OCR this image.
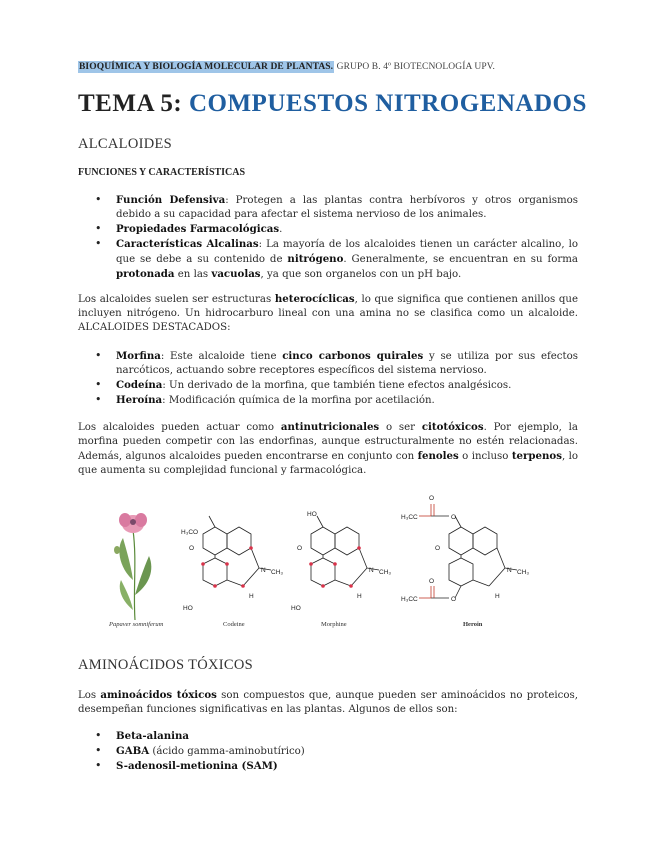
BIOQUÍMICA Y BIOLOGÍA MOLECULAR DE PLANTAS. GRUPO B. 4º BIOTECNOLOGÍA UPV.
TEMA 5: COMPUESTOS NITROGENADOS
ALCALOIDES
FUNCIONES Y CARACTERÍSTICAS
• Función Defensiva: Protegen a las plantas contra herbívoros y otros organismos debido a su capacidad para afectar el sistema nervioso de los animales.
• Propiedades Farmacológicas.
• Características Alcalinas: La mayoría de los alcaloides tienen un carácter alcalino, lo que se debe a su contenido de nitrógeno. Generalmente, se encuentran en su forma protonada en las vacuolas, ya que son organelos con un pH bajo.
Los alcaloides suelen ser estructuras heterocíclicas, lo que significa que contienen anillos que incluyen nitrógeno. Un hidrocarburo lineal con una amina no se clasifica como un alcaloide. ALCALOIDES DESTACADOS:
• Morfina: Este alcaloide tiene cinco carbonos quirales y se utiliza por sus efectos narcóticos, actuando sobre receptores específicos del sistema nervioso.
• Codeína: Un derivado de la morfina, que también tiene efectos analgésicos.
• Heroína: Modificación química de la morfina por acetilación.
Los alcaloides pueden actuar como antinutricionales o ser citotóxicos. Por ejemplo, la morfina pueden competir con las endorfinas, aunque estructuralmente no estén relacionadas. Además, algunos alcaloides pueden encontrarse en conjunto con fenoles o incluso terpenos, lo que aumenta su complejidad funcional y farmacológica.
AMINOÁCIDOS TÓXICOS
Los aminoácidos tóxicos son compuestos que, aunque pueden ser aminoácidos no proteicos, desempeñan funciones significativas en las plantas. Algunos de ellos son:
• Beta-alanina
• GABA (ácido gamma-aminobutírico)
• S-adenosil-metionina (SAM)
Papaver somniferum
H₃CO
O
HO
N CH₃
H
Codeine
HO
O
HO
N CH₃
H
Morphine
O
H₃C C	O
O
O
H₃C C	O
N CH₃
H
Heroin
